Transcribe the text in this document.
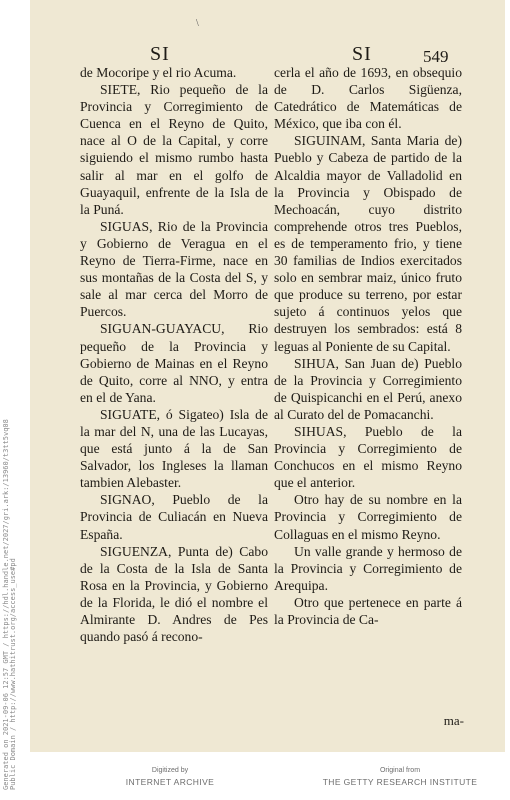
\
Generated on 2021-09-06 12:57 GMT / https://hdl.handle.net/2027/gri.ark:/13960/t3tt5vq08 Public Domain / http://www.hathitrust.org/access_use#pd
SI	SI	549

de Mocoripe y el rio Acuma.

SIETE, Rio pequeño de la Provincia y Corregimiento de Cuenca en el Reyno de Quito, nace al O de la Capital, y corre siguiendo el mismo rumbo hasta salir al mar en el golfo de Guayaquil, enfrente de la Isla de la Puná.

SIGUAS, Rio de la Provincia y Gobierno de Veragua en el Reyno de Tierra-Firme, nace en sus montañas de la Costa del S, y sale al mar cerca del Morro de Puercos.

SIGUAN-GUAYACU, Rio pequeño de la Provincia y Gobierno de Mainas en el Reyno de Quito, corre al NNO, y entra en el de Yana.

SIGUATE, ó Sigateo) Isla de la mar del N, una de las Lucayas, que está junto á la de San Salvador, los Ingleses la llaman tambien Alebaster.

SIGNAO, Pueblo de la Provincia de Culiacán en Nueva España.

SIGUENZA, Punta de) Cabo de la Costa de la Isla de Santa Rosa en la Provincia, y Gobierno de la Florida, le dió el nombre el Almirante D. Andres de Pes quando pasó á recono-

cerla el año de 1693, en obsequio de D. Carlos Sigüenza, Catedrático de Matemáticas de México, que iba con él.

SIGUINAM, Santa Maria de) Pueblo y Cabeza de partido de la Alcaldia mayor de Valladolid en la Provincia y Obispado de Mechoacán, cuyo distrito comprehende otros tres Pueblos, es de temperamento frio, y tiene 30 familias de Indios exercitados solo en sembrar maiz, único fruto que produce su terreno, por estar sujeto á continuos yelos que destruyen los sembrados: está 8 leguas al Poniente de su Capital.

SIHUA, San Juan de) Pueblo de la Provincia y Corregimiento de Quispicanchi en el Perú, anexo al Curato del de Pomacanchi.

SIHUAS, Pueblo de la Provincia y Corregimiento de Conchucos en el mismo Reyno que el anterior.

Otro hay de su nombre en la Provincia y Corregimiento de Collaguas en el mismo Reyno.

Un valle grande y hermoso de la Provincia y Corregimiento de Arequipa.

Otro que pertenece en parte á la Provincia de Ca-

ma-
Digitized by
INTERNET ARCHIVE
Original from
THE GETTY RESEARCH INSTITUTE
